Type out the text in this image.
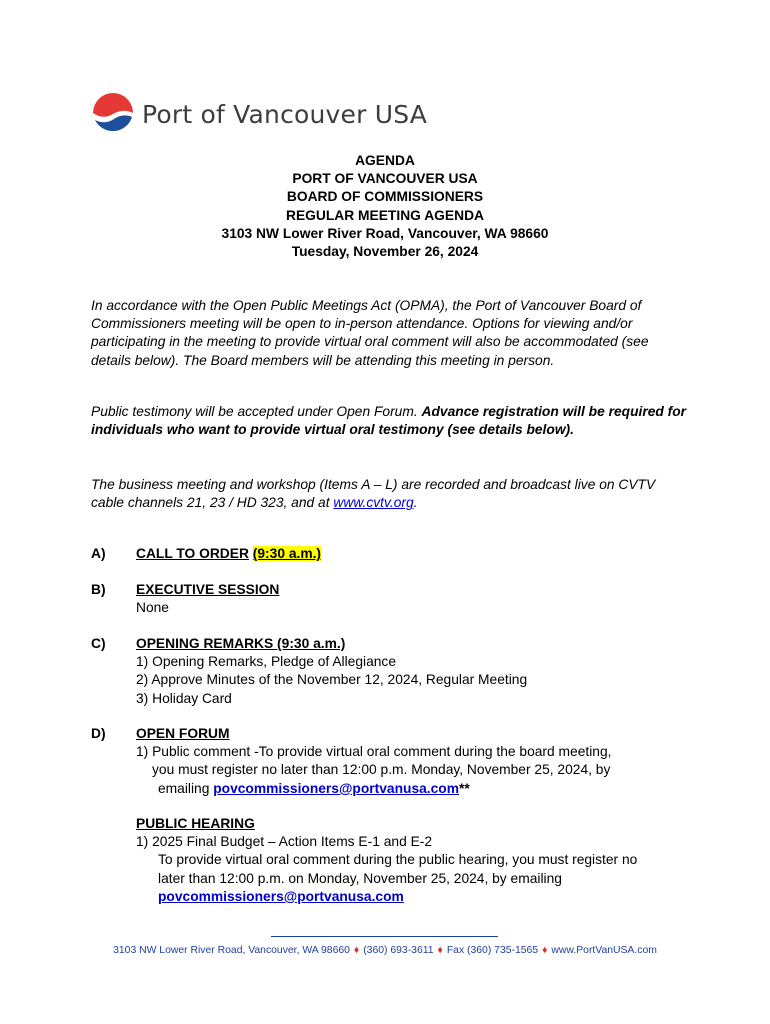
Port of Vancouver USA
AGENDA
PORT OF VANCOUVER USA
BOARD OF COMMISSIONERS
REGULAR MEETING AGENDA
3103 NW Lower River Road, Vancouver, WA 98660
Tuesday, November 26, 2024
In accordance with the Open Public Meetings Act (OPMA), the Port of Vancouver Board of Commissioners meeting will be open to in-person attendance. Options for viewing and/or participating in the meeting to provide virtual oral comment will also be accommodated (see details below). The Board members will be attending this meeting in person.
Public testimony will be accepted under Open Forum. Advance registration will be required for individuals who want to provide virtual oral testimony (see details below).
The business meeting and workshop (Items A – L) are recorded and broadcast live on CVTV cable channels 21, 23 / HD 323, and at www.cvtv.org.
A) CALL TO ORDER (9:30 a.m.)
B) EXECUTIVE SESSION
None
C) OPENING REMARKS (9:30 a.m.)
1) Opening Remarks, Pledge of Allegiance
2) Approve Minutes of the November 12, 2024, Regular Meeting
3) Holiday Card
D) OPEN FORUM
1) Public comment -To provide virtual oral comment during the board meeting,
you must register no later than 12:00 p.m. Monday, November 25, 2024, by
emailing povcommissioners@portvanusa.com**
PUBLIC HEARING
1) 2025 Final Budget – Action Items E-1 and E-2
To provide virtual oral comment during the public hearing, you must register no
later than 12:00 p.m. on Monday, November 25, 2024, by emailing
povcommissioners@portvanusa.com
3103 NW Lower River Road, Vancouver, WA 98660 ♦ (360) 693-3611 ♦ Fax (360) 735-1565 ♦ www.PortVanUSA.com
